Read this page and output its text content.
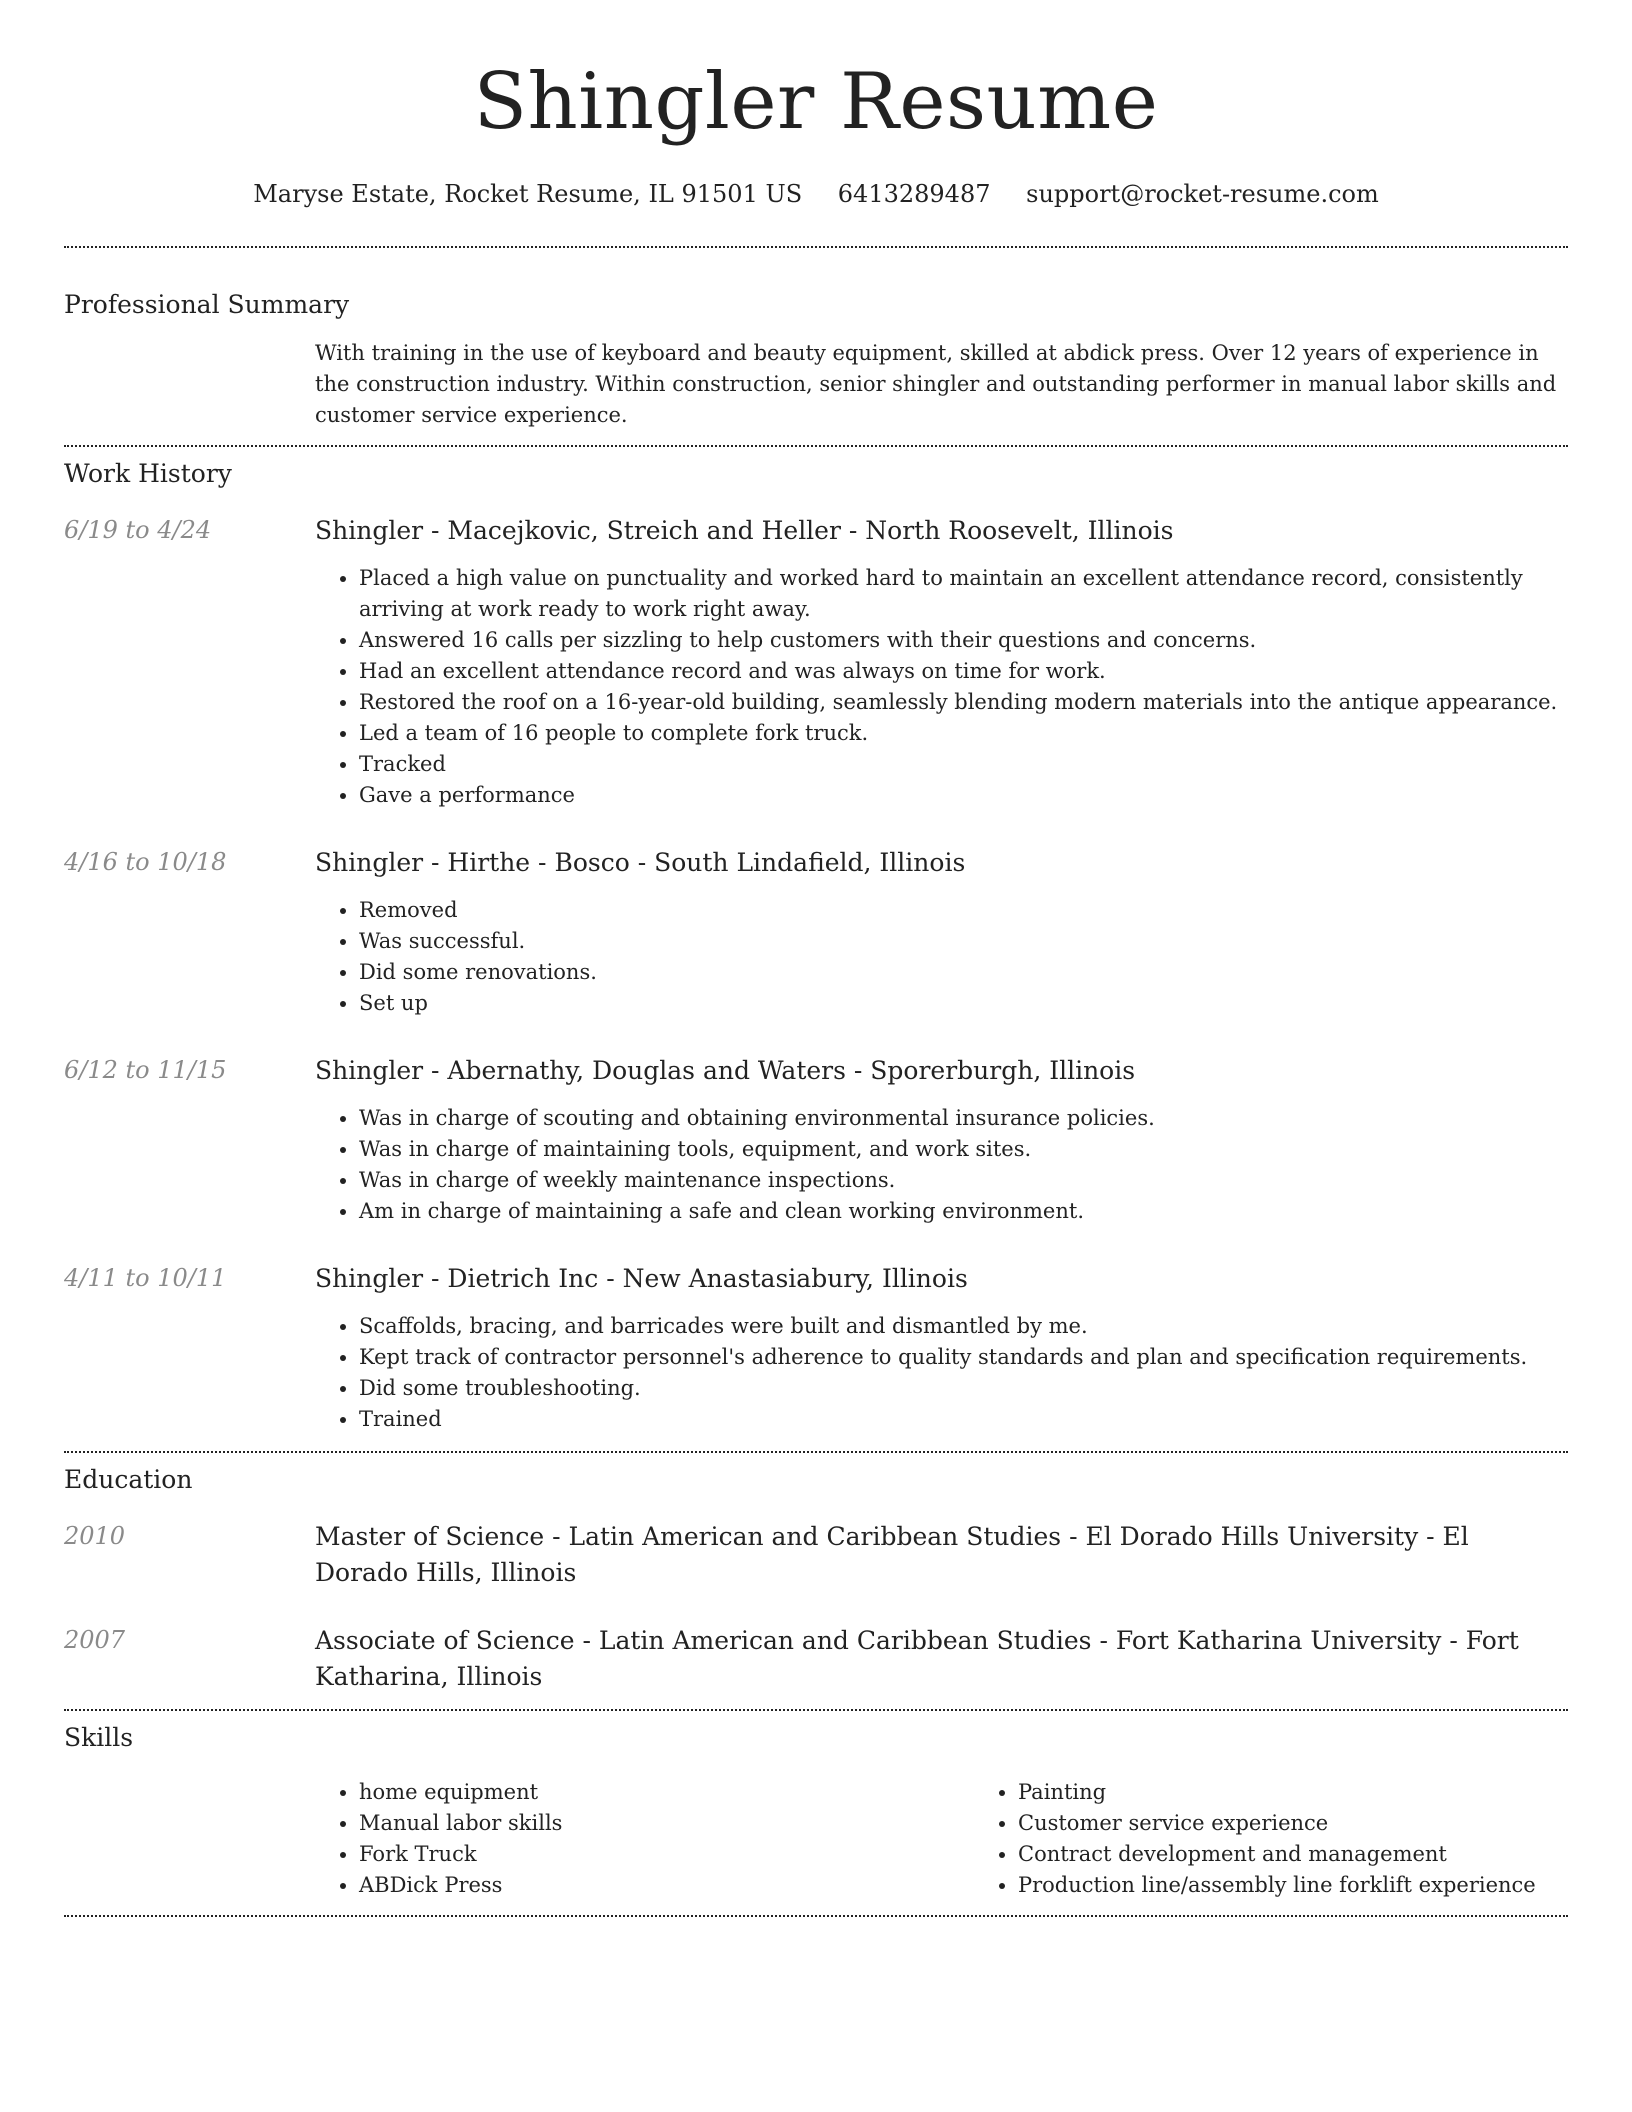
Shingler Resume
Maryse Estate, Rocket Resume, IL 91501 US 6413289487 support@rocket-resume.com
Professional Summary
With training in the use of keyboard and beauty equipment, skilled at abdick press. Over 12 years of experience in the construction industry. Within construction, senior shingler and outstanding performer in manual labor skills and customer service experience.
Work History
6/19 to 4/24	Shingler - Macejkovic, Streich and Heller - North Roosevelt, Illinois
• Placed a high value on punctuality and worked hard to maintain an excellent attendance record, consistently arriving at work ready to work right away.
• Answered 16 calls per sizzling to help customers with their questions and concerns.
• Had an excellent attendance record and was always on time for work.
• Restored the roof on a 16-year-old building, seamlessly blending modern materials into the antique appearance.
• Led a team of 16 people to complete fork truck.
• Tracked
• Gave a performance
4/16 to 10/18	Shingler - Hirthe - Bosco - South Lindafield, Illinois
• Removed
• Was successful.
• Did some renovations.
• Set up
6/12 to 11/15	Shingler - Abernathy, Douglas and Waters - Sporerburgh, Illinois
• Was in charge of scouting and obtaining environmental insurance policies.
• Was in charge of maintaining tools, equipment, and work sites.
• Was in charge of weekly maintenance inspections.
• Am in charge of maintaining a safe and clean working environment.
4/11 to 10/11	Shingler - Dietrich Inc - New Anastasiabury, Illinois
• Scaffolds, bracing, and barricades were built and dismantled by me.
• Kept track of contractor personnel's adherence to quality standards and plan and specification requirements.
• Did some troubleshooting.
• Trained
Education
2010	Master of Science - Latin American and Caribbean Studies - El Dorado Hills University - El Dorado Hills, Illinois
2007	Associate of Science - Latin American and Caribbean Studies - Fort Katharina University - Fort Katharina, Illinois
Skills
• home equipment
• Manual labor skills
• Fork Truck
• ABDick Press
• Painting
• Customer service experience
• Contract development and management
• Production line/assembly line forklift experience
